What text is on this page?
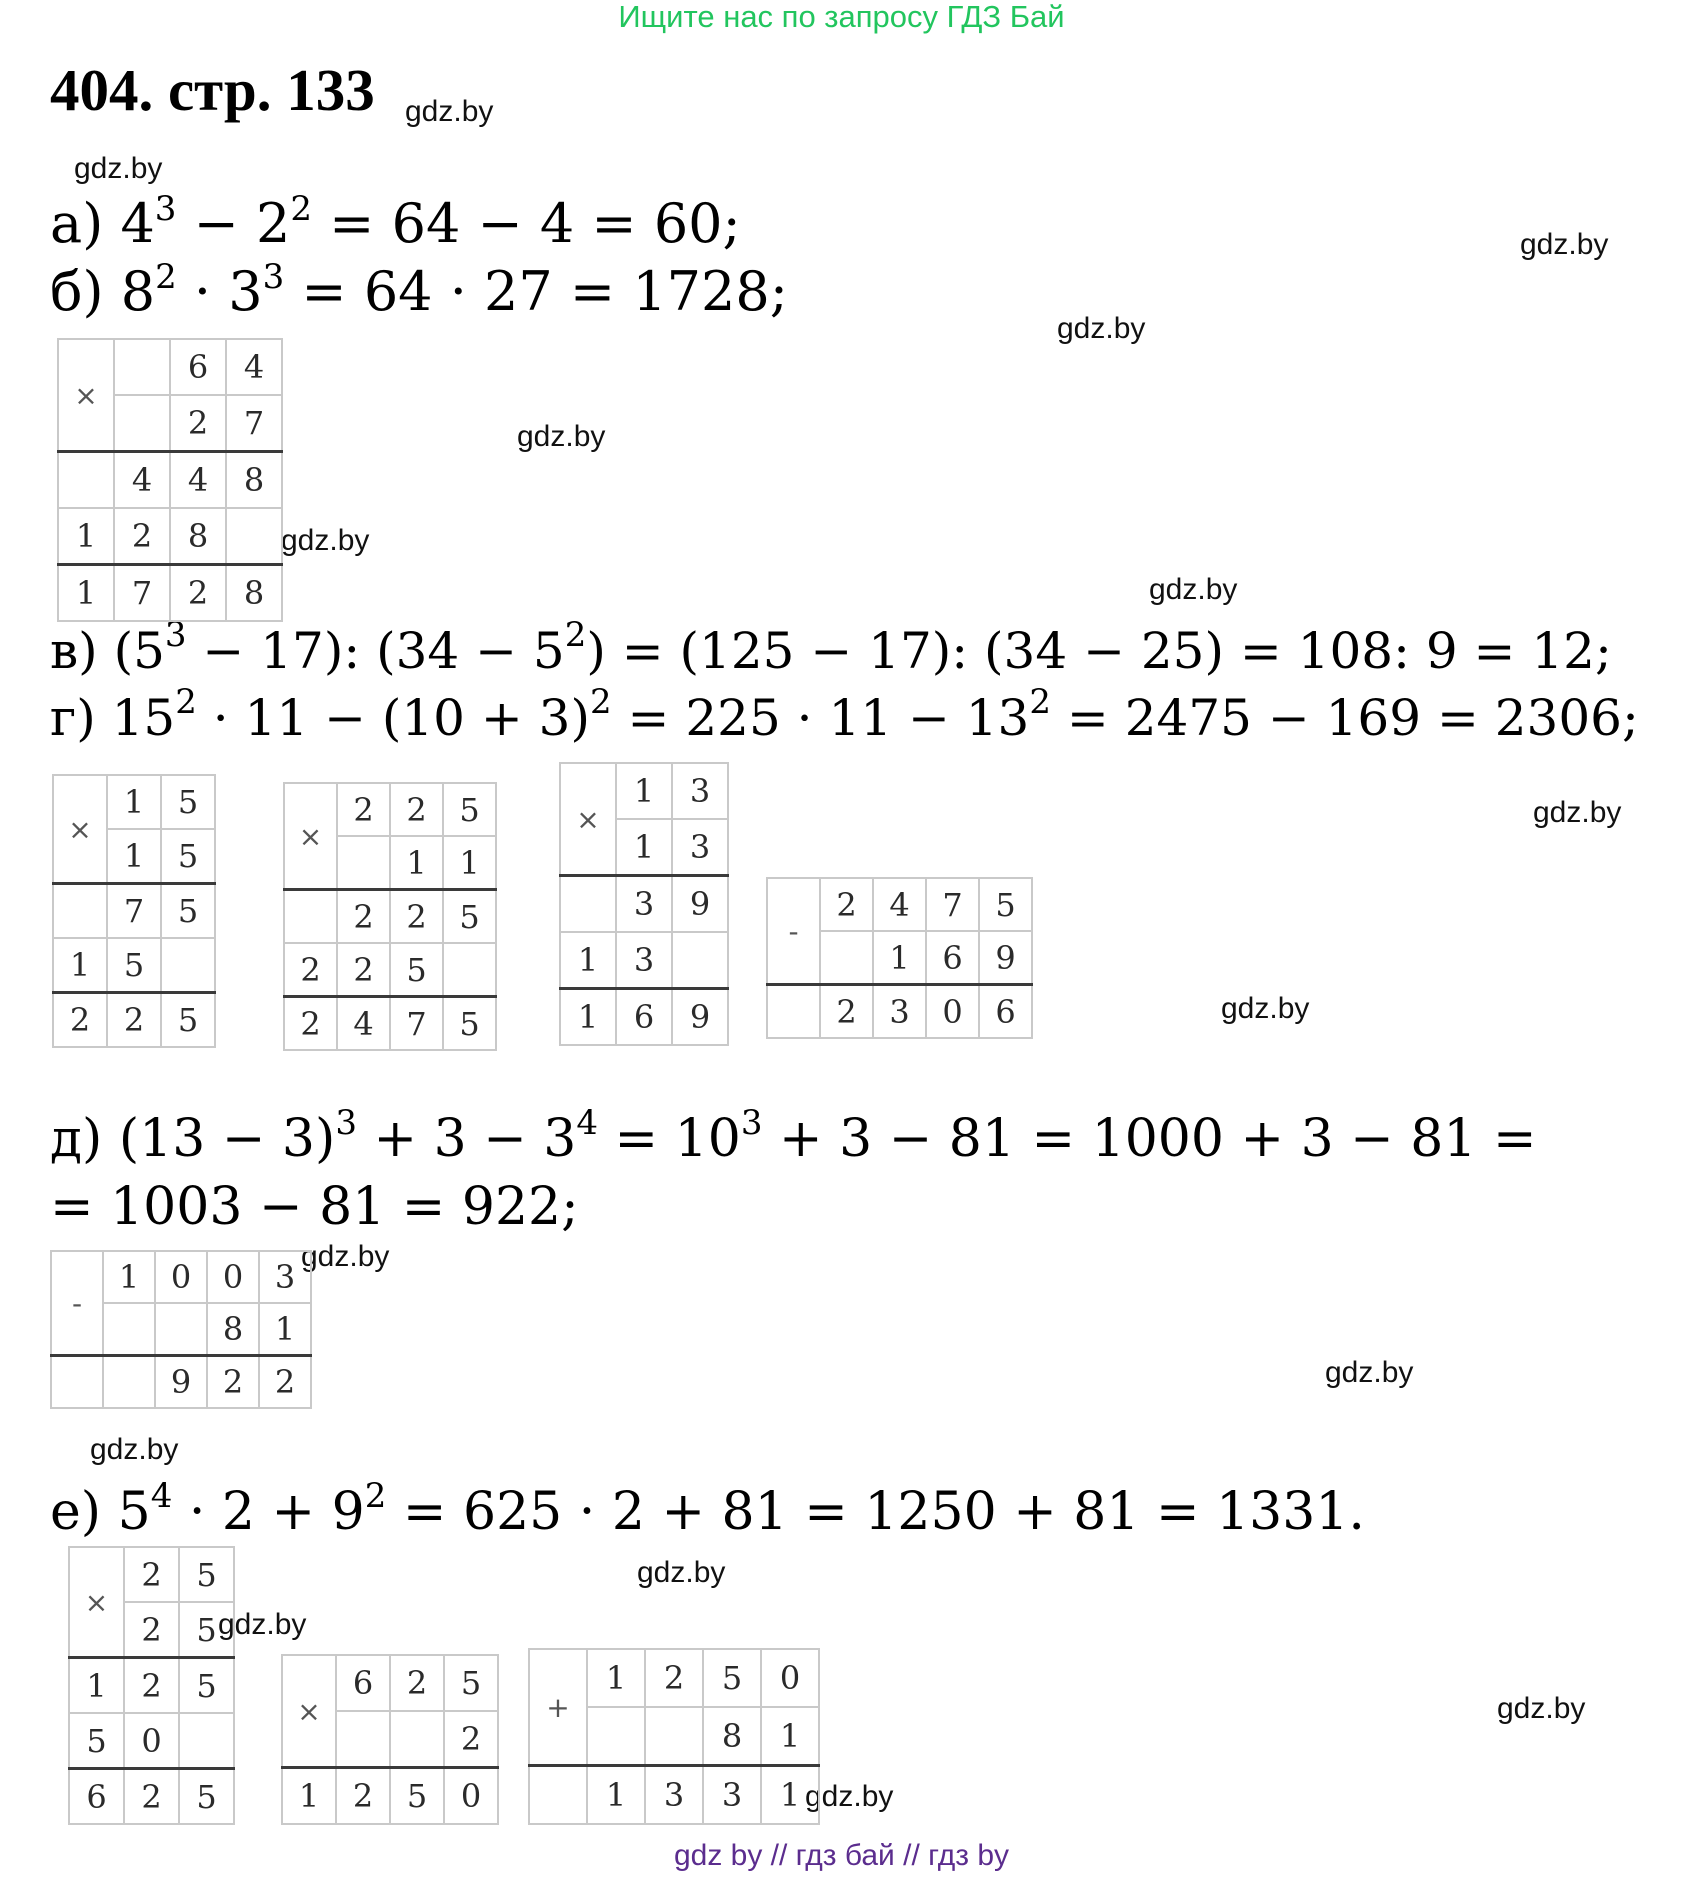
Ищите нас по запросу ГДЗ Бай
404. стр. 133 gdz.by
gdz.by
gdz.by
gdz.by
gdz.by
gdz.by
gdz.by
gdz.by
gdz.by
gdz.by
gdz.by
gdz.by
gdz.by
gdz.by
gdz.by
gdz.by
а) $4^3 - 2^2 = 64 - 4 = 60$;
б) $8^2 \cdot 3^3 = 64 \cdot 27 = 1728$;
в) $(5^3 - 17)$: $(34 - 5^2) = (125 - 17)$: (34 − 25) = 108: 9 = 12;
г) $15^2 \cdot 11 - (10 + 3)^2 = 225 \cdot 11 - 13^2 = 2475 - 169 = 2306$;
д) $(13 - 3)^3 + 3 - 3^4 = 10^3 + 3 - 81 = 1000 + 3 - 81$ =
= 1003 − 81 = 922;
е) $5^4 \cdot 2 + 9^2 = 625 \cdot 2 + 81 = 1250 + 81 = 1331$.
×		6	4
		2	7
	4	4	8
1	2	8	
1	7	2	8
×	1	5
	1	5
	7	5
1	5	
2	2	5
×	2	2	5
		1	1
	2	2	5
2	2	5	
2	4	7	5
×	1	3
	1	3
	3	9
1	3	
1	6	9
-	2	4	7	5
		1	6	9
	2	3	0	6
-	1	0	0	3
			8	1
		9	2	2
×	2	5
	2	5
1	2	5
5	0	
6	2	5
×	6	2	5
			2
1	2	5	0
+	1	2	5	0
			8	1
	1	3	3	1
gdz by // гдз бай // гдз by
